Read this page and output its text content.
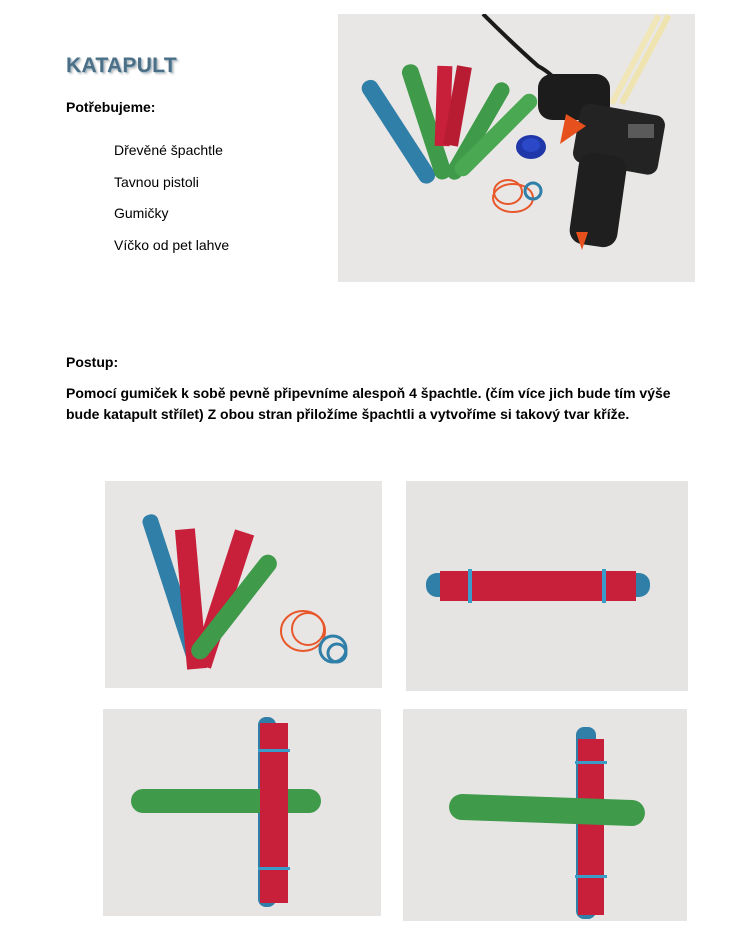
KATAPULT
Potřebujeme:
Dřevěné špachtle
Tavnou pistoli
Gumičky
Víčko od pet lahve
Postup:
Pomocí gumiček k sobě pevně připevníme alespoň 4 špachtle. (čím více jich bude tím výše bude katapult střílet) Z obou stran přiložíme špachtli a vytvoříme si takový tvar kříže.
